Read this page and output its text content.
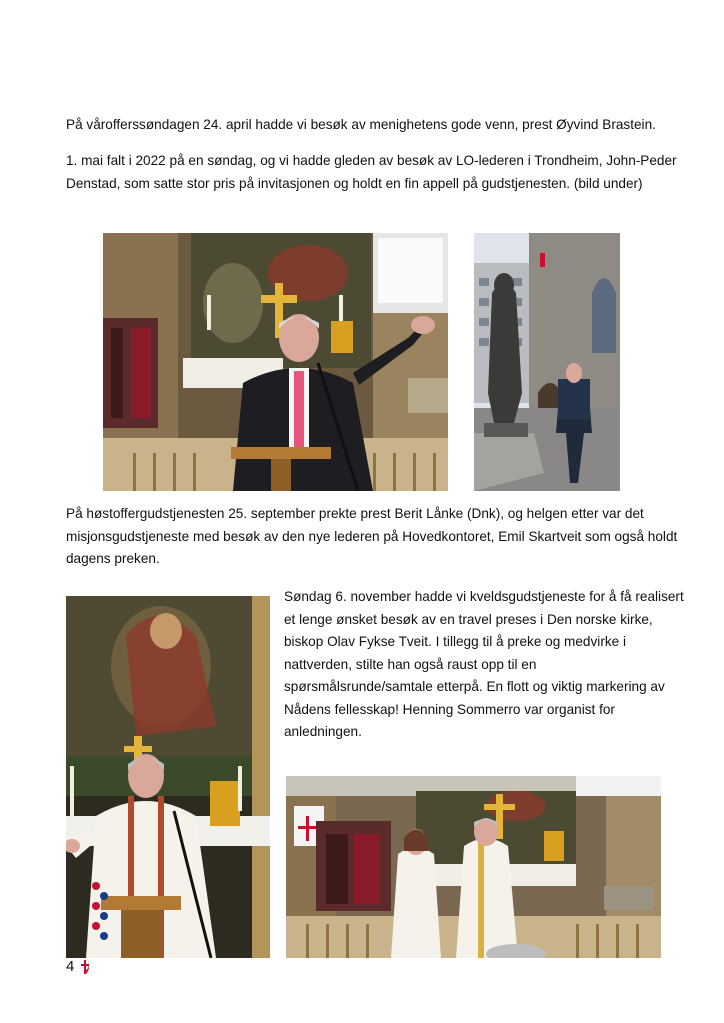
På vårofferssøndagen 24. april hadde vi besøk av menighetens gode venn, prest Øyvind Brastein.

1. mai falt i 2022 på en søndag, og vi hadde gleden av besøk av LO-lederen i Trondheim, John-Peder Denstad, som satte stor pris på invitasjonen og holdt en fin appell på gudstjenesten. (bild under)

På høstoffergudstjenesten 25. september prekte prest Berit Lånke (Dnk), og helgen etter var det misjonsgudstjeneste med besøk av den nye lederen på Hovedkontoret, Emil Skartveit som også holdt dagens preken.

Søndag 6. november hadde vi kveldsgudstjeneste for å få realisert et lenge ønsket besøk av en travel preses i Den norske kirke, biskop Olav Fykse Tveit. I tillegg til å preke og medvirke i nattverden, stilte han også raust opp til en spørsmålsrunde/samtale etterpå. En flott og viktig markering av Nådens fellesskap! Henning Sommerro var organist for anledningen.

4
